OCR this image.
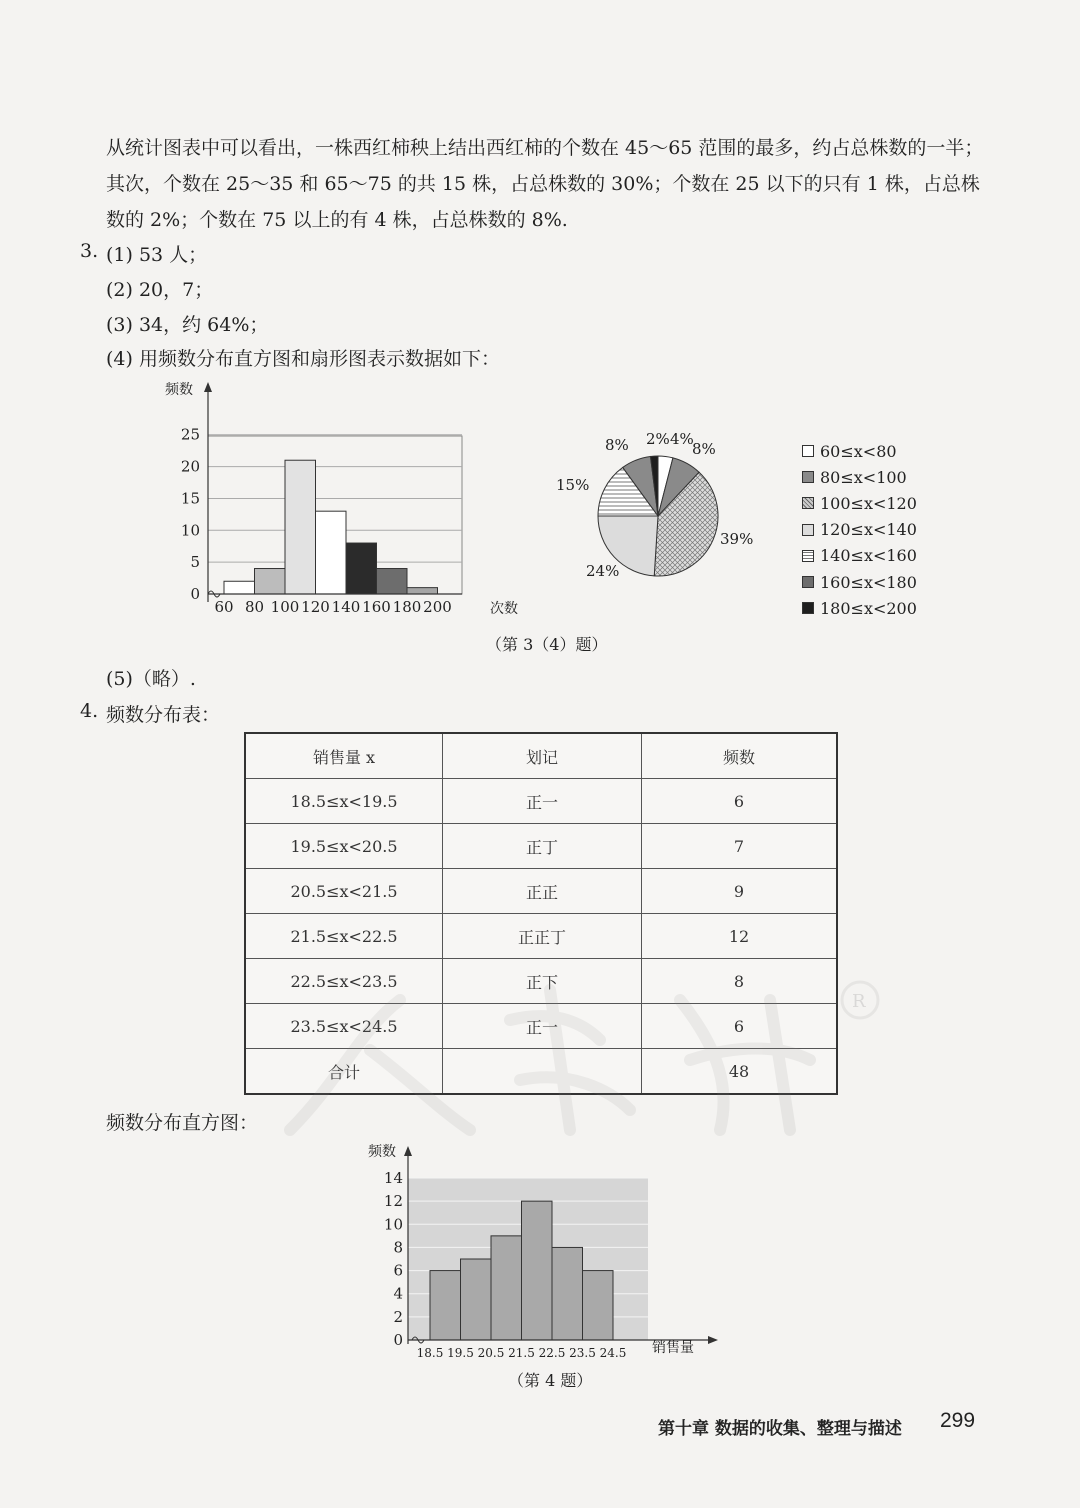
从统计图表中可以看出，一株西红柿秧上结出西红柿的个数在 45～65 范围的最多，约占总株数的一半；其次，个数在 25～35 和 65～75 的共 15 株，占总株数的 30%；个数在 25 以下的只有 1 株，占总株数的 2%；个数在 75 以上的有 4 株，占总株数的 8%.
3. (1) 53 人；
(2) 20，7；
(3) 34，约 64%；
(4) 用频数分布直方图和扇形图表示数据如下：
0
5
10
15
20
25
60 80 100 120 140 160 180 200
频数
次数
4%
8%
39%
24%
15%
8% 2%
60≤x<80
80≤x<100
100≤x<120
120≤x<140
140≤x<160
160≤x<180
180≤x<200
（第 3（4）题）
(5)（略）.
4. 频数分布表：
销售量 x	划记	频数
18.5≤x<19.5	正一	6
19.5≤x<20.5	正丁	7
20.5≤x<21.5	正正	9
21.5≤x<22.5	正正丁	12
22.5≤x<23.5	正下	8
23.5≤x<24.5	正一	6
合计		48
R
频数分布直方图：
0
2
4
6
8
10
12
14
18.5 19.5 20.5 21.5 22.5 23.5 24.5
频数
销售量
（第 4 题）
第十章 数据的收集、整理与描述 299
